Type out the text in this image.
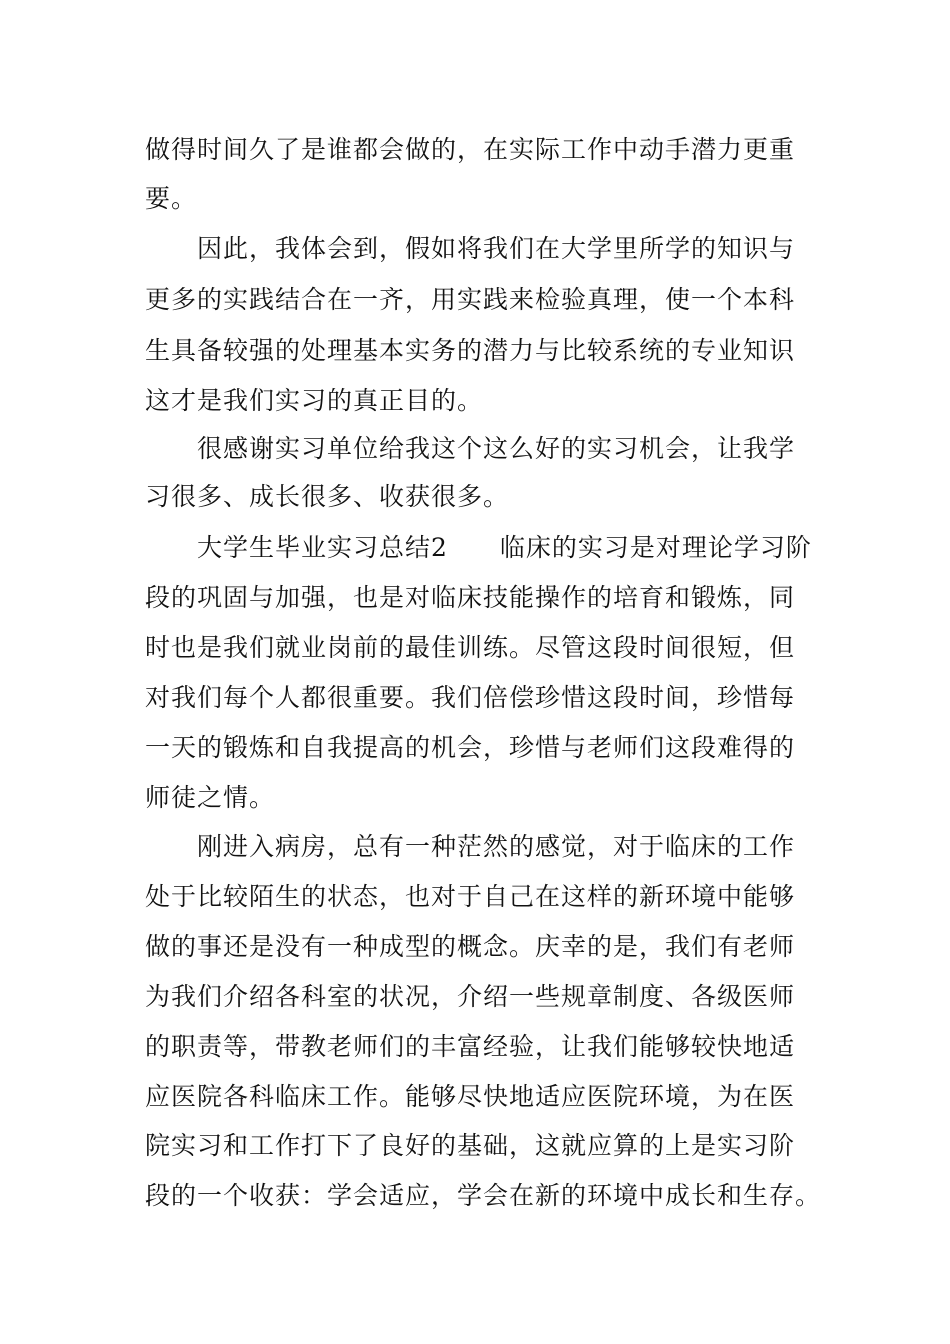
做得时间久了是谁都会做的，在实际工作中动手潜力更重
要。
因此，我体会到，假如将我们在大学里所学的知识与
更多的实践结合在一齐，用实践来检验真理，使一个本科
生具备较强的处理基本实务的潜力与比较系统的专业知识
这才是我们实习的真正目的。
很感谢实习单位给我这个这么好的实习机会，让我学
习很多、成长很多、收获很多。
大学生毕业实习总结2　　临床的实习是对理论学习阶
段的巩固与加强，也是对临床技能操作的培育和锻炼，同
时也是我们就业岗前的最佳训练。尽管这段时间很短，但
对我们每个人都很重要。我们倍偿珍惜这段时间，珍惜每
一天的锻炼和自我提高的机会，珍惜与老师们这段难得的
师徒之情。
刚进入病房，总有一种茫然的感觉，对于临床的工作
处于比较陌生的状态，也对于自己在这样的新环境中能够
做的事还是没有一种成型的概念。庆幸的是，我们有老师
为我们介绍各科室的状况，介绍一些规章制度、各级医师
的职责等，带教老师们的丰富经验，让我们能够较快地适
应医院各科临床工作。能够尽快地适应医院环境，为在医
院实习和工作打下了良好的基础，这就应算的上是实习阶
段的一个收获：学会适应，学会在新的环境中成长和生存。
